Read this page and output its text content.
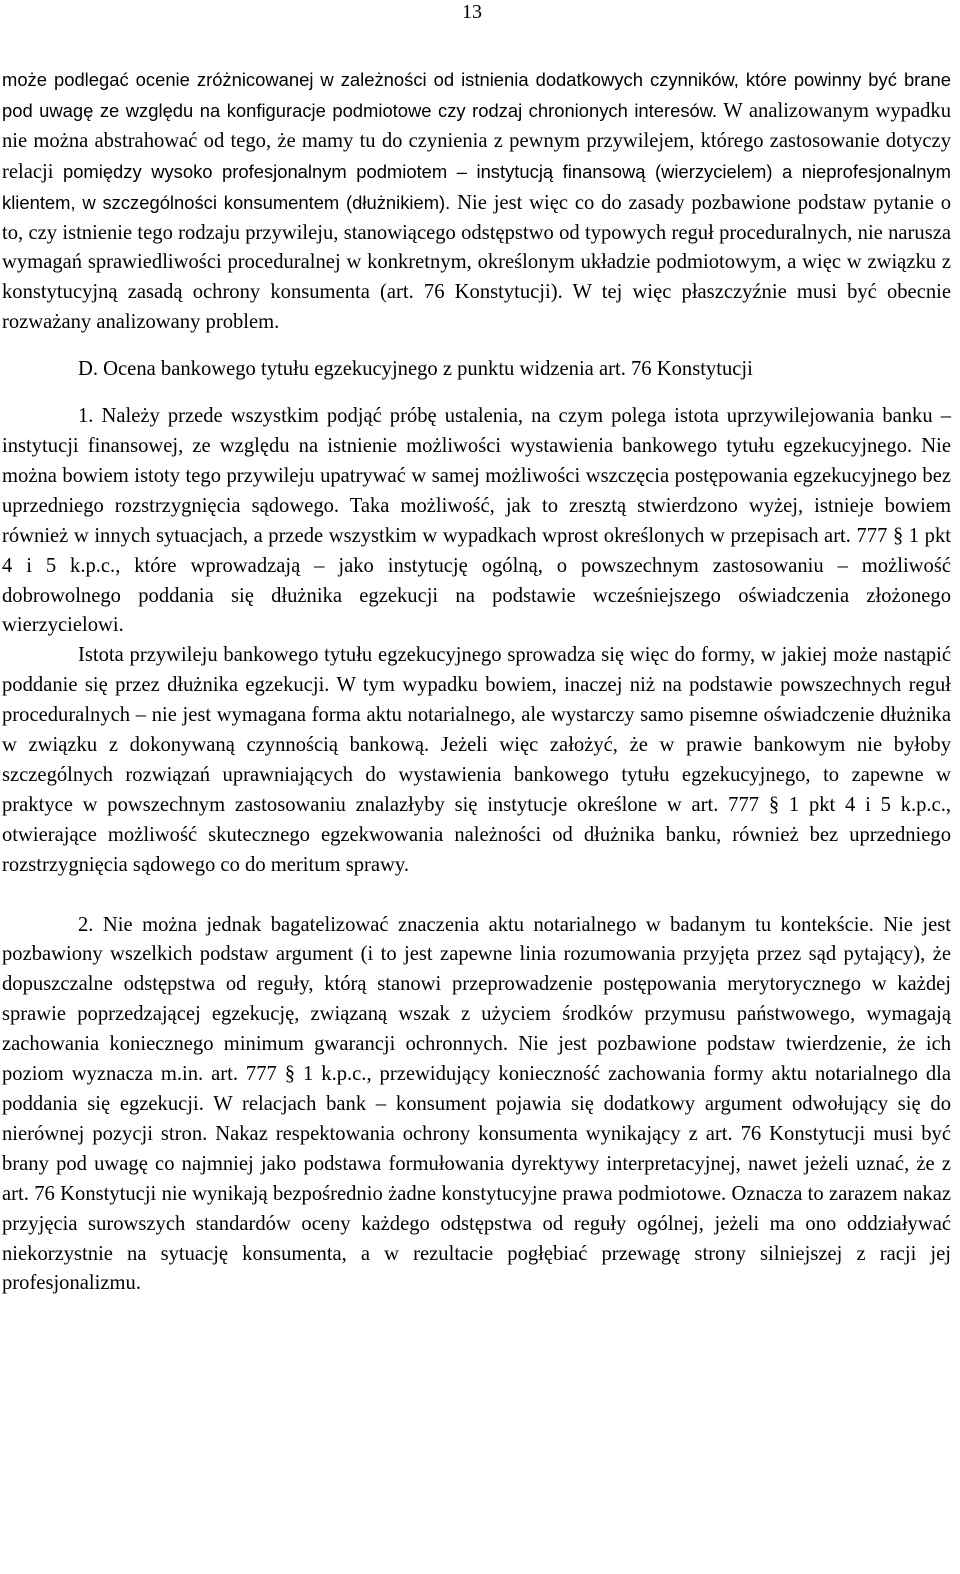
13

może podlegać ocenie zróżnicowanej w zależności od istnienia dodatkowych czynników, które powinny być brane pod uwagę ze względu na konfiguracje podmiotowe czy rodzaj chronionych interesów. W analizowanym wypadku nie można abstrahować od tego, że mamy tu do czynienia z pewnym przywilejem, którego zastosowanie dotyczy relacji pomiędzy wysoko profesjonalnym podmiotem – instytucją finansową (wierzycielem) a nieprofesjonalnym klientem, w szczególności konsumentem (dłużnikiem). Nie jest więc co do zasady pozbawione podstaw pytanie o to, czy istnienie tego rodzaju przywileju, stanowiącego odstępstwo od typowych reguł proceduralnych, nie narusza wymagań sprawiedliwości proceduralnej w konkretnym, określonym układzie podmiotowym, a więc w związku z konstytucyjną zasadą ochrony konsumenta (art. 76 Konstytucji). W tej więc płaszczyźnie musi być obecnie rozważany analizowany problem.

D. Ocena bankowego tytułu egzekucyjnego z punktu widzenia art. 76 Konstytucji

1. Należy przede wszystkim podjąć próbę ustalenia, na czym polega istota uprzywilejowania banku – instytucji finansowej, ze względu na istnienie możliwości wystawienia bankowego tytułu egzekucyjnego. Nie można bowiem istoty tego przywileju upatrywać w samej możliwości wszczęcia postępowania egzekucyjnego bez uprzedniego rozstrzygnięcia sądowego. Taka możliwość, jak to zresztą stwierdzono wyżej, istnieje bowiem również w innych sytuacjach, a przede wszystkim w wypadkach wprost określonych w przepisach art. 777 § 1 pkt 4 i 5 k.p.c., które wprowadzają – jako instytucję ogólną, o powszechnym zastosowaniu – możliwość dobrowolnego poddania się dłużnika egzekucji na podstawie wcześniejszego oświadczenia złożonego wierzycielowi.

Istota przywileju bankowego tytułu egzekucyjnego sprowadza się więc do formy, w jakiej może nastąpić poddanie się przez dłużnika egzekucji. W tym wypadku bowiem, inaczej niż na podstawie powszechnych reguł proceduralnych – nie jest wymagana forma aktu notarialnego, ale wystarczy samo pisemne oświadczenie dłużnika w związku z dokonywaną czynnością bankową. Jeżeli więc założyć, że w prawie bankowym nie byłoby szczególnych rozwiązań uprawniających do wystawienia bankowego tytułu egzekucyjnego, to zapewne w praktyce w powszechnym zastosowaniu znalazłyby się instytucje określone w art. 777 § 1 pkt 4 i 5 k.p.c., otwierające możliwość skutecznego egzekwowania należności od dłużnika banku, również bez uprzedniego rozstrzygnięcia sądowego co do meritum sprawy.

2. Nie można jednak bagatelizować znaczenia aktu notarialnego w badanym tu kontekście. Nie jest pozbawiony wszelkich podstaw argument (i to jest zapewne linia rozumowania przyjęta przez sąd pytający), że dopuszczalne odstępstwa od reguły, którą stanowi przeprowadzenie postępowania merytorycznego w każdej sprawie poprzedzającej egzekucję, związaną wszak z użyciem środków przymusu państwowego, wymagają zachowania koniecznego minimum gwarancji ochronnych. Nie jest pozbawione podstaw twierdzenie, że ich poziom wyznacza m.in. art. 777 § 1 k.p.c., przewidujący konieczność zachowania formy aktu notarialnego dla poddania się egzekucji. W relacjach bank – konsument pojawia się dodatkowy argument odwołujący się do nierównej pozycji stron. Nakaz respektowania ochrony konsumenta wynikający z art. 76 Konstytucji musi być brany pod uwagę co najmniej jako podstawa formułowania dyrektywy interpretacyjnej, nawet jeżeli uznać, że z art. 76 Konstytucji nie wynikają bezpośrednio żadne konstytucyjne prawa podmiotowe. Oznacza to zarazem nakaz przyjęcia surowszych standardów oceny każdego odstępstwa od reguły ogólnej, jeżeli ma ono oddziaływać niekorzystnie na sytuację konsumenta, a w rezultacie pogłębiać przewagę strony silniejszej z racji jej profesjonalizmu.
